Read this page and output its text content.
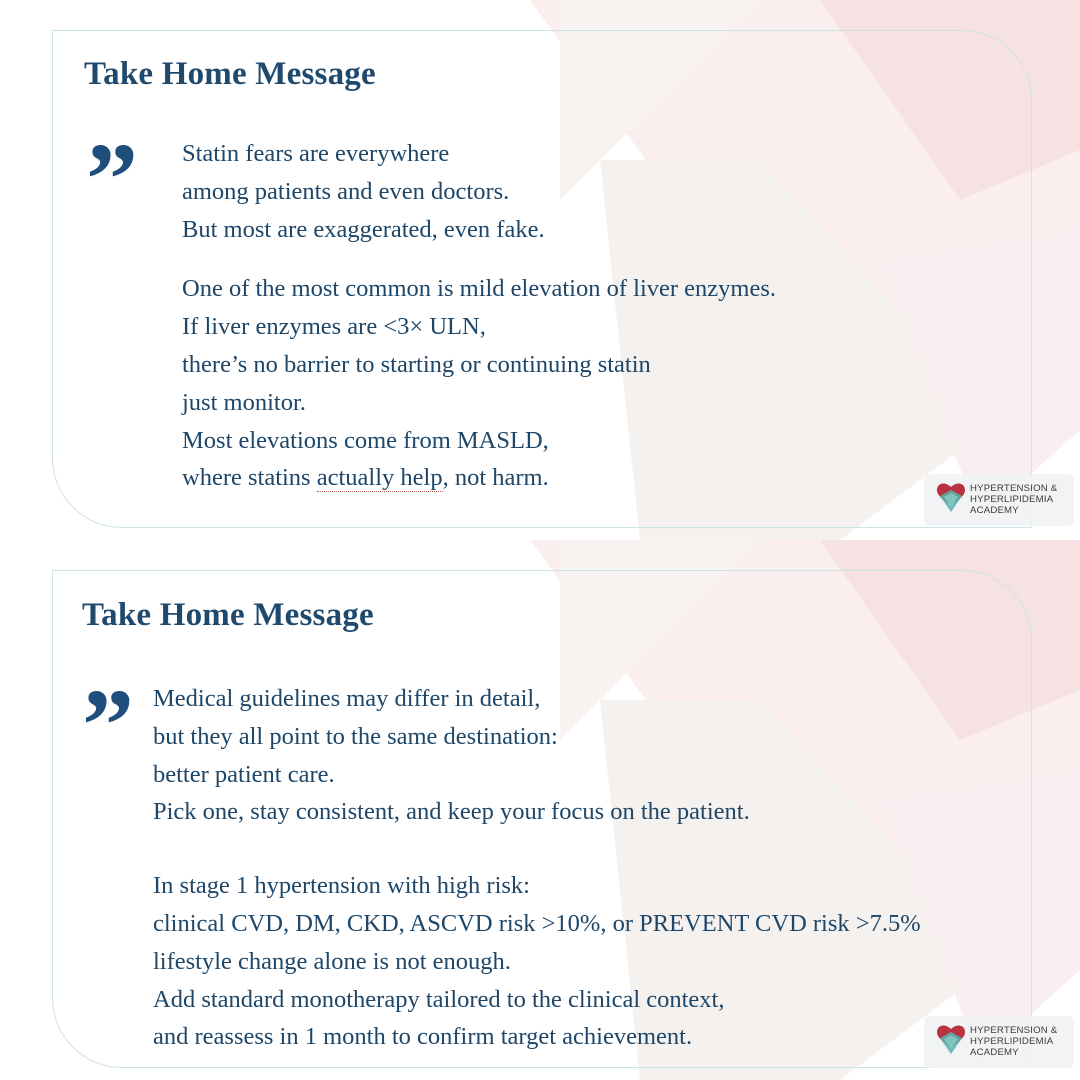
Take Home Message
” Statin fears are everywhere
among patients and even doctors.
But most are exaggerated, even fake.
One of the most common is mild elevation of liver enzymes.
If liver enzymes are <3× ULN,
there’s no barrier to starting or continuing statin
just monitor.
Most elevations come from MASLD,
where statins actually help, not harm.	HYPERTENSION &
HYPERLIPIDEMIA
ACADEMY
Take Home Message
” Medical guidelines may differ in detail,
but they all point to the same destination:
better patient care.
Pick one, stay consistent, and keep your focus on the patient.
In stage 1 hypertension with high risk:
clinical CVD, DM, CKD, ASCVD risk >10%, or PREVENT CVD risk >7.5%
lifestyle change alone is not enough.
Add standard monotherapy tailored to the clinical context,
and reassess in 1 month to confirm target achievement.	HYPERTENSION &
HYPERLIPIDEMIA
ACADEMY
